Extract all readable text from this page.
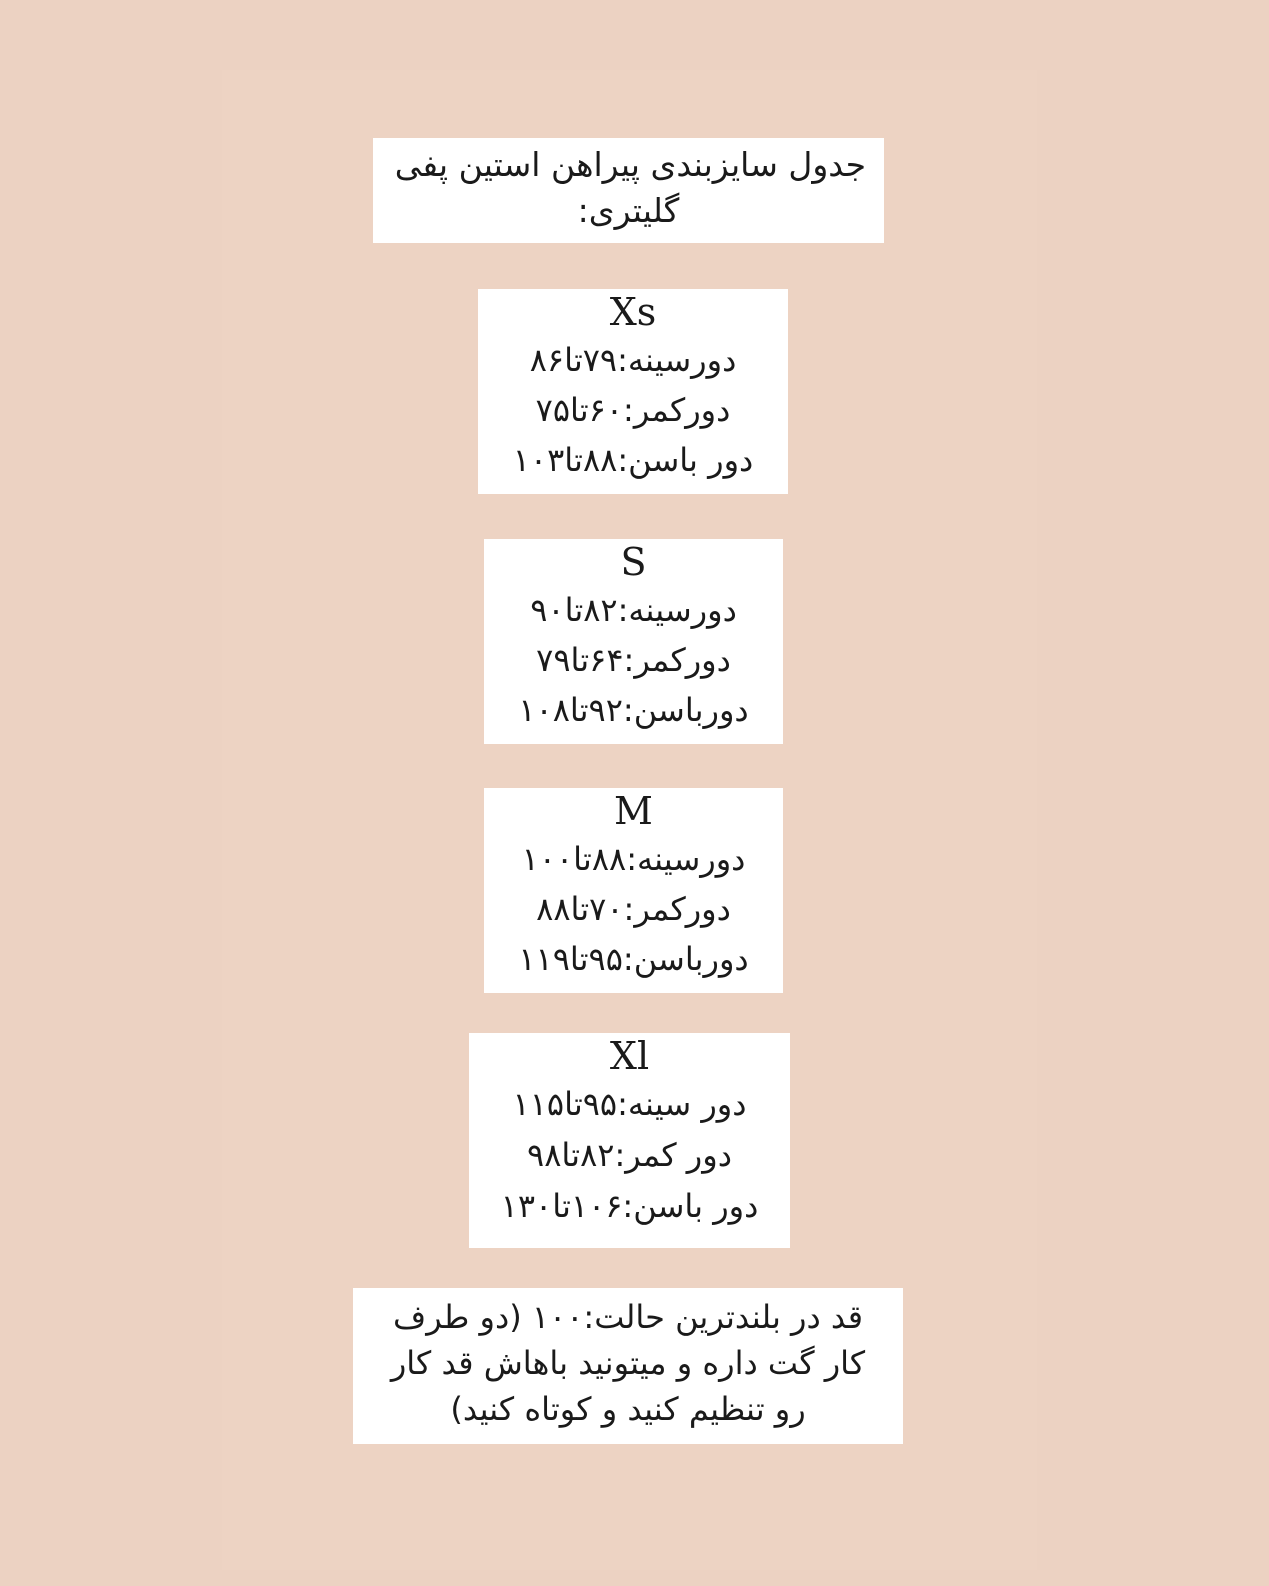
جدول سایزبندی پیراهن استین پفی
گلیتری:
Xs
دورسینه:۷۹تا۸۶
دورکمر:۶۰تا۷۵
دور باسن:۸۸تا۱۰۳
S
دورسینه:۸۲تا۹۰
دورکمر:۶۴تا۷۹
دورباسن:۹۲تا۱۰۸
M
دورسینه:۸۸تا۱۰۰
دورکمر:۷۰تا۸۸
دورباسن:۹۵تا۱۱۹
Xl
دور سینه:۹۵تا۱۱۵
دور کمر:۸۲تا۹۸
دور باسن:۱۰۶تا۱۳۰
قد در بلندترین حالت:۱۰۰ (دو طرف
کار گت داره و میتونید باهاش قد کار
رو تنظیم کنید و کوتاه کنید)
